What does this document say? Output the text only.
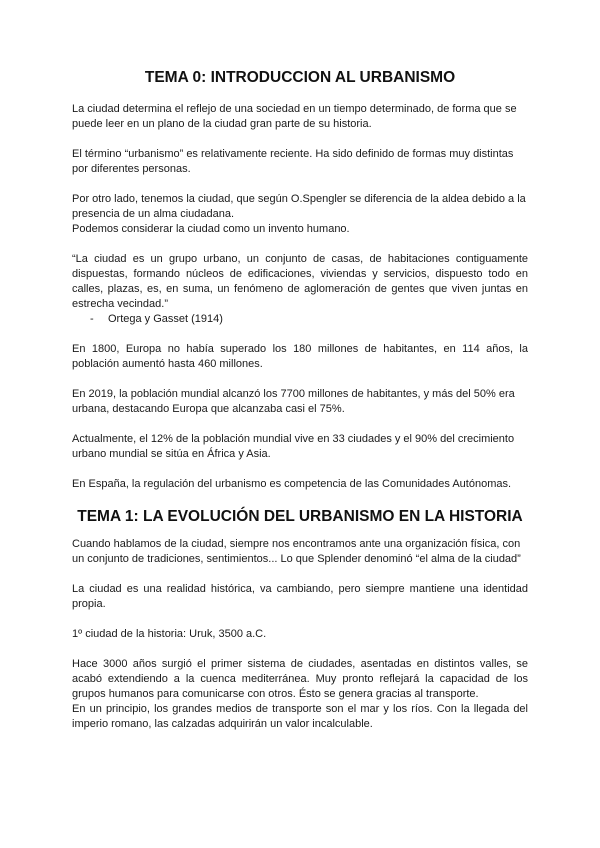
TEMA 0: INTRODUCCION AL URBANISMO

La ciudad determina el reflejo de una sociedad en un tiempo determinado, de forma que se puede leer en un plano de la ciudad gran parte de su historia.

El término “urbanismo” es relativamente reciente. Ha sido definido de formas muy distintas por diferentes personas.

Por otro lado, tenemos la ciudad, que según O.Spengler se diferencia de la aldea debido a la presencia de un alma ciudadana.

Podemos considerar la ciudad como un invento humano.

“La ciudad es un grupo urbano, un conjunto de casas, de habitaciones contiguamente dispuestas, formando núcleos de edificaciones, viviendas y servicios, dispuesto todo en calles, plazas, es, en suma, un fenómeno de aglomeración de gentes que viven juntas en estrecha vecindad.”

- Ortega y Gasset (1914)

En 1800, Europa no había superado los 180 millones de habitantes, en 114 años, la población aumentó hasta 460 millones.

En 2019, la población mundial alcanzó los 7700 millones de habitantes, y más del 50% era urbana, destacando Europa que alcanzaba casi el 75%.

Actualmente, el 12% de la población mundial vive en 33 ciudades y el 90% del crecimiento urbano mundial se sitúa en África y Asia.

En España, la regulación del urbanismo es competencia de las Comunidades Autónomas.

TEMA 1: LA EVOLUCIÓN DEL URBANISMO EN LA HISTORIA

Cuando hablamos de la ciudad, siempre nos encontramos ante una organización física, con un conjunto de tradiciones, sentimientos... Lo que Splender denominó “el alma de la ciudad”

La ciudad es una realidad histórica, va cambiando, pero siempre mantiene una identidad propia.

1º ciudad de la historia: Uruk, 3500 a.C.

Hace 3000 años surgió el primer sistema de ciudades, asentadas en distintos valles, se acabó extendiendo a la cuenca mediterránea. Muy pronto reflejará la capacidad de los grupos humanos para comunicarse con otros. Ésto se genera gracias al transporte.

En un principio, los grandes medios de transporte son el mar y los ríos. Con la llegada del imperio romano, las calzadas adquirirán un valor incalculable.
